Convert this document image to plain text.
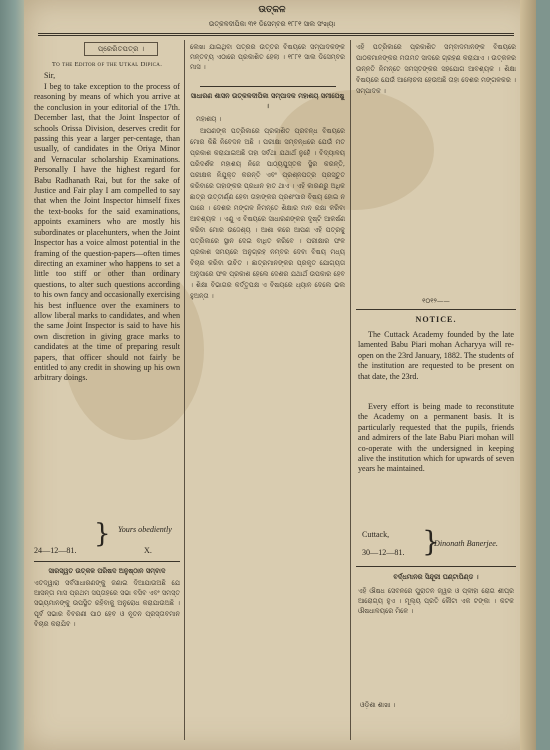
ଉତ୍କଳ
ଉତ୍କଳଦୀପିକା ୩୧ ଡିସେମ୍ବର ୧୮୮୧ ସାଲ ସଂଖ୍ୟା
ପ୍ରେରିତପତ୍ର ।
To the Editor of the Utkal Dipica.
Sir,
I beg to take exception to the process of reasoning by means of which you arrive at the conclusion in your editorial of the 17th. December last, that the Joint Inspector of schools Orissa Division, deserves credit for passing this year a larger per-centage, than usually, of candidates in the Oriya Minor and Vernacular scholarship Examinations. Personally I have the highest regard for Babu Radhanath Rai, but for the sake of Justice and Fair play I am compelled to say that when the Joint Inspector himself fixes the text-books for the said examinations, appoints examiners who are mostly his subordinates or placehunters, when the Joint Inspector has a voice almost potential in the framing of the question-papers—often times directing an examiner who happens to set a little too stiff or other than ordinary questions, to alter such questions according to his own fancy and occasionally exercising his best influence over the examiners to allow liberal marks to candidates, and when the same Joint Inspector is said to have his own discretion in giving grace marks to candidates at the time of preparing result papers, that officer should not fairly be entitled to any credit in showing up his own arbitrary doings.
Yours obediently
}
24—12—81.	X.
ସାରସ୍ୱତ ଉତ୍କଳ ପରିଷଦ ଅନୁଷ୍ଠାନ ସମ୍ବାଦ
ଏତଦ୍ୱାରା ସର୍ବସାଧାରଣଙ୍କୁ ଜଣାଇ ଦିଆଯାଉଅଛି ଯେ ଆସନ୍ତା ମାସ ପ୍ରଥମ ସପ୍ତାହରେ ସଭା ବସିବ ଏବଂ ସମସ୍ତ ସଭ୍ୟମାନଙ୍କୁ ଉପସ୍ଥିତ ରହିବାକୁ ଅନୁରୋଧ କରାଯାଉଅଛି । ପୂର୍ବ ସଭାର ବିବରଣୀ ପାଠ ହେବ ଓ ନୂତନ ପ୍ରସ୍ତାବମାନ ବିଚାର କରାଯିବ ।
ଲେଖା ଯାଇଥିବା ପତ୍ରର ଉତ୍ତର ବିଷୟରେ ସମ୍ପାଦକଙ୍କ ମନ୍ତବ୍ୟ ଏଠାରେ ପ୍ରକାଶିତ ହେଲା । ୧୮୮୧ ସାଲ ଡିସେମ୍ବର ମାସ ।
ସାଧାରଣ ଶାସନ ଉତ୍କଳଦୀପିକା ସମ୍ପାଦକ ମହାଶୟ ସମୀପେଷୁ ।
ମହାଶୟ ।
ଆପଣଙ୍କ ପତ୍ରିକାରେ ପ୍ରକାଶିତ ପ୍ରବନ୍ଧ ବିଷୟରେ ମୋର କିଛି ନିବେଦନ ଅଛି । ପରୀକ୍ଷା ସମ୍ବନ୍ଧରେ ଯେଉଁ ମତ ପ୍ରକାଶ କରାଯାଇଅଛି ତାହା ସର୍ବଥା ଯଥାର୍ଥ ନୁହେଁ । ବିଦ୍ୟାଳୟ ପରିଦର୍ଶକ ମହାଶୟ ନିଜେ ପାଠ୍ୟପୁସ୍ତକ ସ୍ଥିର କରନ୍ତି, ପରୀକ୍ଷକ ନିଯୁକ୍ତ କରନ୍ତି ଏବଂ ପ୍ରଶ୍ନପତ୍ର ପ୍ରସ୍ତୁତ କରିବାରେ ତାହାଙ୍କର ପ୍ରଧାନ ହାତ ଥାଏ । ଏହି କାରଣରୁ ଅଧିକ ଛାତ୍ର ଉତ୍ତୀର୍ଣ୍ଣ ହେବା ତାହାଙ୍କର ପ୍ରଶଂସାର ବିଷୟ ହୋଇ ନ ପାରେ । ଦେଶର ମଙ୍ଗଳ ନିମନ୍ତେ ଶିକ୍ଷାର ମାନ ରକ୍ଷା କରିବା ଆବଶ୍ୟକ । ଏଣୁ ଏ ବିଷୟରେ ସାଧାରଣଙ୍କର ଦୃଷ୍ଟି ଆକର୍ଷଣ କରିବା ମୋର ଉଦ୍ଦେଶ୍ୟ । ଆଶା କରେ ଆପଣ ଏହି ପତ୍ରକୁ ପତ୍ରିକାରେ ସ୍ଥାନ ଦେଇ ବାଧିତ କରିବେ । ପରୀକ୍ଷାର ଫଳ ପ୍ରକାଶ ସମୟରେ ଅନୁଗ୍ରହ ନମ୍ବର ଦେବା ବିଷୟ ମଧ୍ୟ ବିଚାର କରିବା ଉଚିତ । ଛାତ୍ରମାନଙ୍କର ପ୍ରକୃତ ଯୋଗ୍ୟତା ଅନୁସାରେ ଫଳ ପ୍ରକାଶ ହେଲେ ଦେଶର ଯଥାର୍ଥ ଉପକାର ହେବ । ଶିକ୍ଷା ବିଭାଗର କର୍ତ୍ତୃପକ୍ଷ ଏ ବିଷୟରେ ଧ୍ୟାନ ଦେଲେ ଭଲ ହୁଅନ୍ତା ।
ଏହି ପତ୍ରିକାରେ ପ୍ରକାଶିତ ସମ୍ବାଦମାନଙ୍କ ବିଷୟରେ ପାଠକମାନଙ୍କର ମତାମତ ସାଦରେ ଗ୍ରହଣ କରାଯାଏ । ଉତ୍କଳର ଉନ୍ନତି ନିମନ୍ତେ ସମସ୍ତଙ୍କର ସହଯୋଗ ଆବଶ୍ୟକ । ଶିକ୍ଷା ବିଷୟରେ ଯେଉଁ ଆଲୋଚନା ହେଉଅଛି ତାହା ଦେଶର ମଙ୍ଗଳକର । ସମ୍ପାଦକ ।
୧୦୧୨——
NOTICE.
The Cuttack Academy founded by the late lamented Babu Piari mohan Acharyya will re-open on the 23rd January, 1882. The students of the institution are requested to be present on that date, the 23rd.
Every effort is being made to reconstitute the Academy on a permanent basis. It is particularly requested that the pupils, friends and admirers of the late Babu Piari mohan will co-operate with the undersigned in keeping alive the institution which for upwards of seven years he maintained.
Cuttack,
30—12—81. }
Dinonath Banerjee.
ବର୍ଦ୍ଧମାନର ସିନ୍ଦୂରୀ ଘଣ୍ଟାପିଣ୍ଡ ।
ଏହି ଔଷଧ ସେବନରେ ପୁରାତନ ଜ୍ୱର ଓ ପ୍ଳୀହା ରୋଗ ଶୀଘ୍ର ଆରୋଗ୍ୟ ହୁଏ । ମୂଲ୍ୟ ପ୍ରତି କୌଟା ଏକ ଟଙ୍କା । କଟକ ଔଷଧାଳୟରେ ମିଳେ ।
ଓଡ଼ିଶା ଶାଖା ।
